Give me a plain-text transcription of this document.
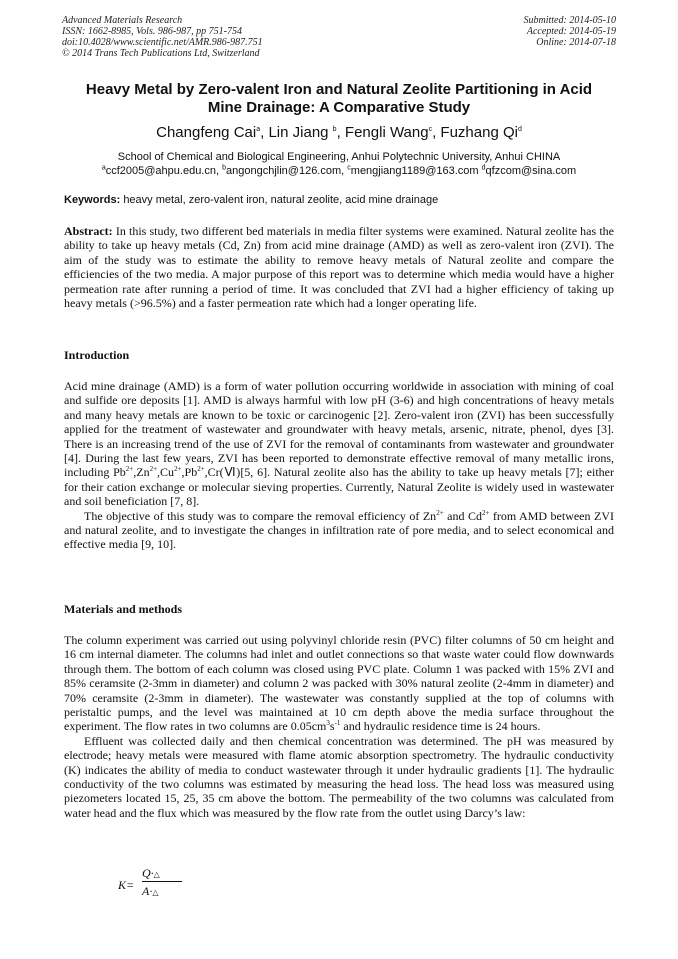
Advanced Materials Research
ISSN: 1662-8985, Vols. 986-987, pp 751-754
doi:10.4028/www.scientific.net/AMR.986-987.751
© 2014 Trans Tech Publications Ltd, Switzerland
Submitted: 2014-05-10
Accepted: 2014-05-19
Online: 2014-07-18
Heavy Metal by Zero-valent Iron and Natural Zeolite Partitioning in Acid
Mine Drainage: A Comparative Study
Changfeng Cai$^a$, Lin Jiang $^b$, Fengli Wang$^c$, Fuzhang Qi$^d$
School of Chemical and Biological Engineering, Anhui Polytechnic University, Anhui CHINA
$^a$ccf2005@ahpu.edu.cn, $^b$angongchjlin@126.com, $^c$mengjiang1189@163.com $^d$qfzcom@sina.com
Keywords: heavy metal, zero-valent iron, natural zeolite, acid mine drainage
Abstract: In this study, two different bed materials in media filter systems were examined. Natural zeolite has the ability to take up heavy metals (Cd, Zn) from acid mine drainage (AMD) as well as zero-valent iron (ZVI). The aim of the study was to estimate the ability to remove heavy metals of Natural zeolite and compare the efficiencies of the two media. A major purpose of this report was to determine which media would have a higher permeation rate after running a period of time. It was concluded that ZVI had a higher efficiency of taking up heavy metals (>96.5%) and a faster permeation rate which had a longer operating life.
Introduction

Acid mine drainage (AMD) is a form of water pollution occurring worldwide in association with mining of coal and sulfide ore deposits [1]. AMD is always harmful with low pH (3-6) and high concentrations of heavy metals and many heavy metals are known to be toxic or carcinogenic [2]. Zero-valent iron (ZVI) has been successfully applied for the treatment of wastewater and groundwater with heavy metals, arsenic, nitrate, phenol, dyes [3]. There is an increasing trend of the use of ZVI for the removal of contaminants from wastewater and groundwater [4]. During the last few years, ZVI has been reported to demonstrate effective removal of many metallic irons, including $Pb^{2+},Zn^{2+},Cu^{2+},Pb^{2+},Cr(Ⅵ)[5$, 6]. Natural zeolite also has the ability to take up heavy metals [7]; either for their cation exchange or molecular sieving properties. Currently, Natural Zeolite is widely used in wastewater and soil beneficiation [7, 8].

The objective of this study was to compare the removal efficiency of $Zn^{2+}$ and $Cd^{2+}$ from AMD between ZVI and natural zeolite, and to investigate the changes in infiltration rate of pore media, and to select economical and effective media [9, 10].

Materials and methods

The column experiment was carried out using polyvinyl chloride resin (PVC) filter columns of 50 cm height and 16 cm internal diameter. The columns had inlet and outlet connections so that waste water could flow downwards through them. The bottom of each column was closed using PVC plate. Column 1 was packed with 15% ZVI and 85% ceramsite (2-3mm in diameter) and column 2 was packed with 30% natural zeolite (2-4mm in diameter) and 70% ceramsite (2-3mm in diameter). The wastewater was constantly supplied at the top of columns with peristaltic pumps, and the level was maintained at 10 cm depth above the media surface throughout the experiment. The flow rates in two columns are $0.05cm^3s^{-1}$ and hydraulic residence time is 24 hours.

Effluent was collected daily and then chemical concentration was determined. The pH was measured by electrode; heavy metals were measured with flame atomic absorption spectrometry. The hydraulic conductivity (K) indicates the ability of media to conduct wastewater through it under hydraulic gradients [1]. The hydraulic conductivity of the two columns was estimated by measuring the head loss. The head loss was measured using piezometers located 15, 25, 35 cm above the bottom. The permeability of the two columns was calculated from water head and the flux which was measured by the flow rate from the outlet using Darcy’s law:

K=
Q·△
A·△
